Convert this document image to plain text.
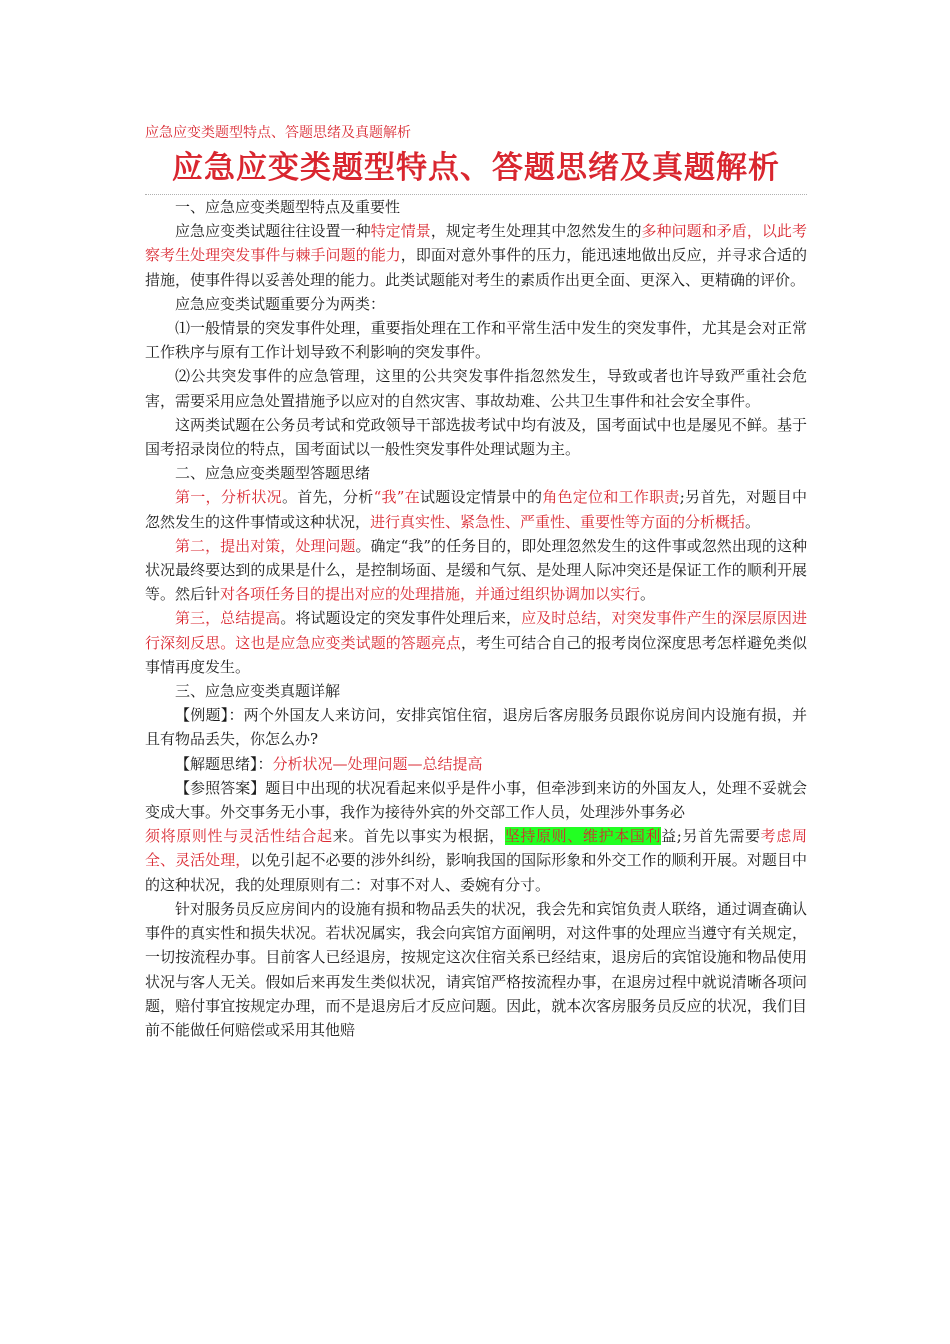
应急应变类题型特点、答题思绪及真题解析
应急应变类题型特点、答题思绪及真题解析

一、应急应变类题型特点及重要性

应急应变类试题往往设置一种特定情景，规定考生处理其中忽然发生的多种问题和矛盾，以此考察考生处理突发事件与棘手问题的能力，即面对意外事件的压力，能迅速地做出反应，并寻求合适的措施，使事件得以妥善处理的能力。此类试题能对考生的素质作出更全面、更深入、更精确的评价。

应急应变类试题重要分为两类：

⑴一般情景的突发事件处理，重要指处理在工作和平常生活中发生的突发事件，尤其是会对正常工作秩序与原有工作计划导致不利影响的突发事件。

⑵公共突发事件的应急管理，这里的公共突发事件指忽然发生，导致或者也许导致严重社会危害，需要采用应急处置措施予以应对的自然灾害、事故劫难、公共卫生事件和社会安全事件。

这两类试题在公务员考试和党政领导干部选拔考试中均有波及，国考面试中也是屡见不鲜。基于国考招录岗位的特点，国考面试以一般性突发事件处理试题为主。

二、应急应变类题型答题思绪

第一，分析状况。首先，分析“我”在试题设定情景中的角色定位和工作职责;另首先，对题目中忽然发生的这件事情或这种状况，进行真实性、紧急性、严重性、重要性等方面的分析概括。

第二，提出对策，处理问题。确定“我”的任务目的，即处理忽然发生的这件事或忽然出现的这种状况最终要达到的成果是什么，是控制场面、是缓和气氛、是处理人际冲突还是保证工作的顺利开展等。然后针对各项任务目的提出对应的处理措施，并通过组织协调加以实行。

第三，总结提高。将试题设定的突发事件处理后来，应及时总结，对突发事件产生的深层原因进行深刻反思。这也是应急应变类试题的答题亮点，考生可结合自己的报考岗位深度思考怎样避免类似事情再度发生。

三、应急应变类真题详解

【例题】：两个外国友人来访问，安排宾馆住宿，退房后客房服务员跟你说房间内设施有损，并且有物品丢失，你怎么办?

【解题思绪】：分析状况—处理问题—总结提高

【参照答案】题目中出现的状况看起来似乎是件小事，但牵涉到来访的外国友人，处理不妥就会变成大事。外交事务无小事，我作为接待外宾的外交部工作人员，处理涉外事务必

须将原则性与灵活性结合起来。首先以事实为根据，坚持原则、维护本国利益;另首先需要考虑周全、灵活处理，以免引起不必要的涉外纠纷，影响我国的国际形象和外交工作的顺利开展。对题目中的这种状况，我的处理原则有二：对事不对人、委婉有分寸。

针对服务员反应房间内的设施有损和物品丢失的状况，我会先和宾馆负责人联络，通过调查确认事件的真实性和损失状况。若状况属实，我会向宾馆方面阐明，对这件事的处理应当遵守有关规定，一切按流程办事。目前客人已经退房，按规定这次住宿关系已经结束，退房后的宾馆设施和物品使用状况与客人无关。假如后来再发生类似状况，请宾馆严格按流程办事，在退房过程中就说清晰各项问题，赔付事宜按规定办理，而不是退房后才反应问题。因此，就本次客房服务员反应的状况，我们目前不能做任何赔偿或采用其他赔
